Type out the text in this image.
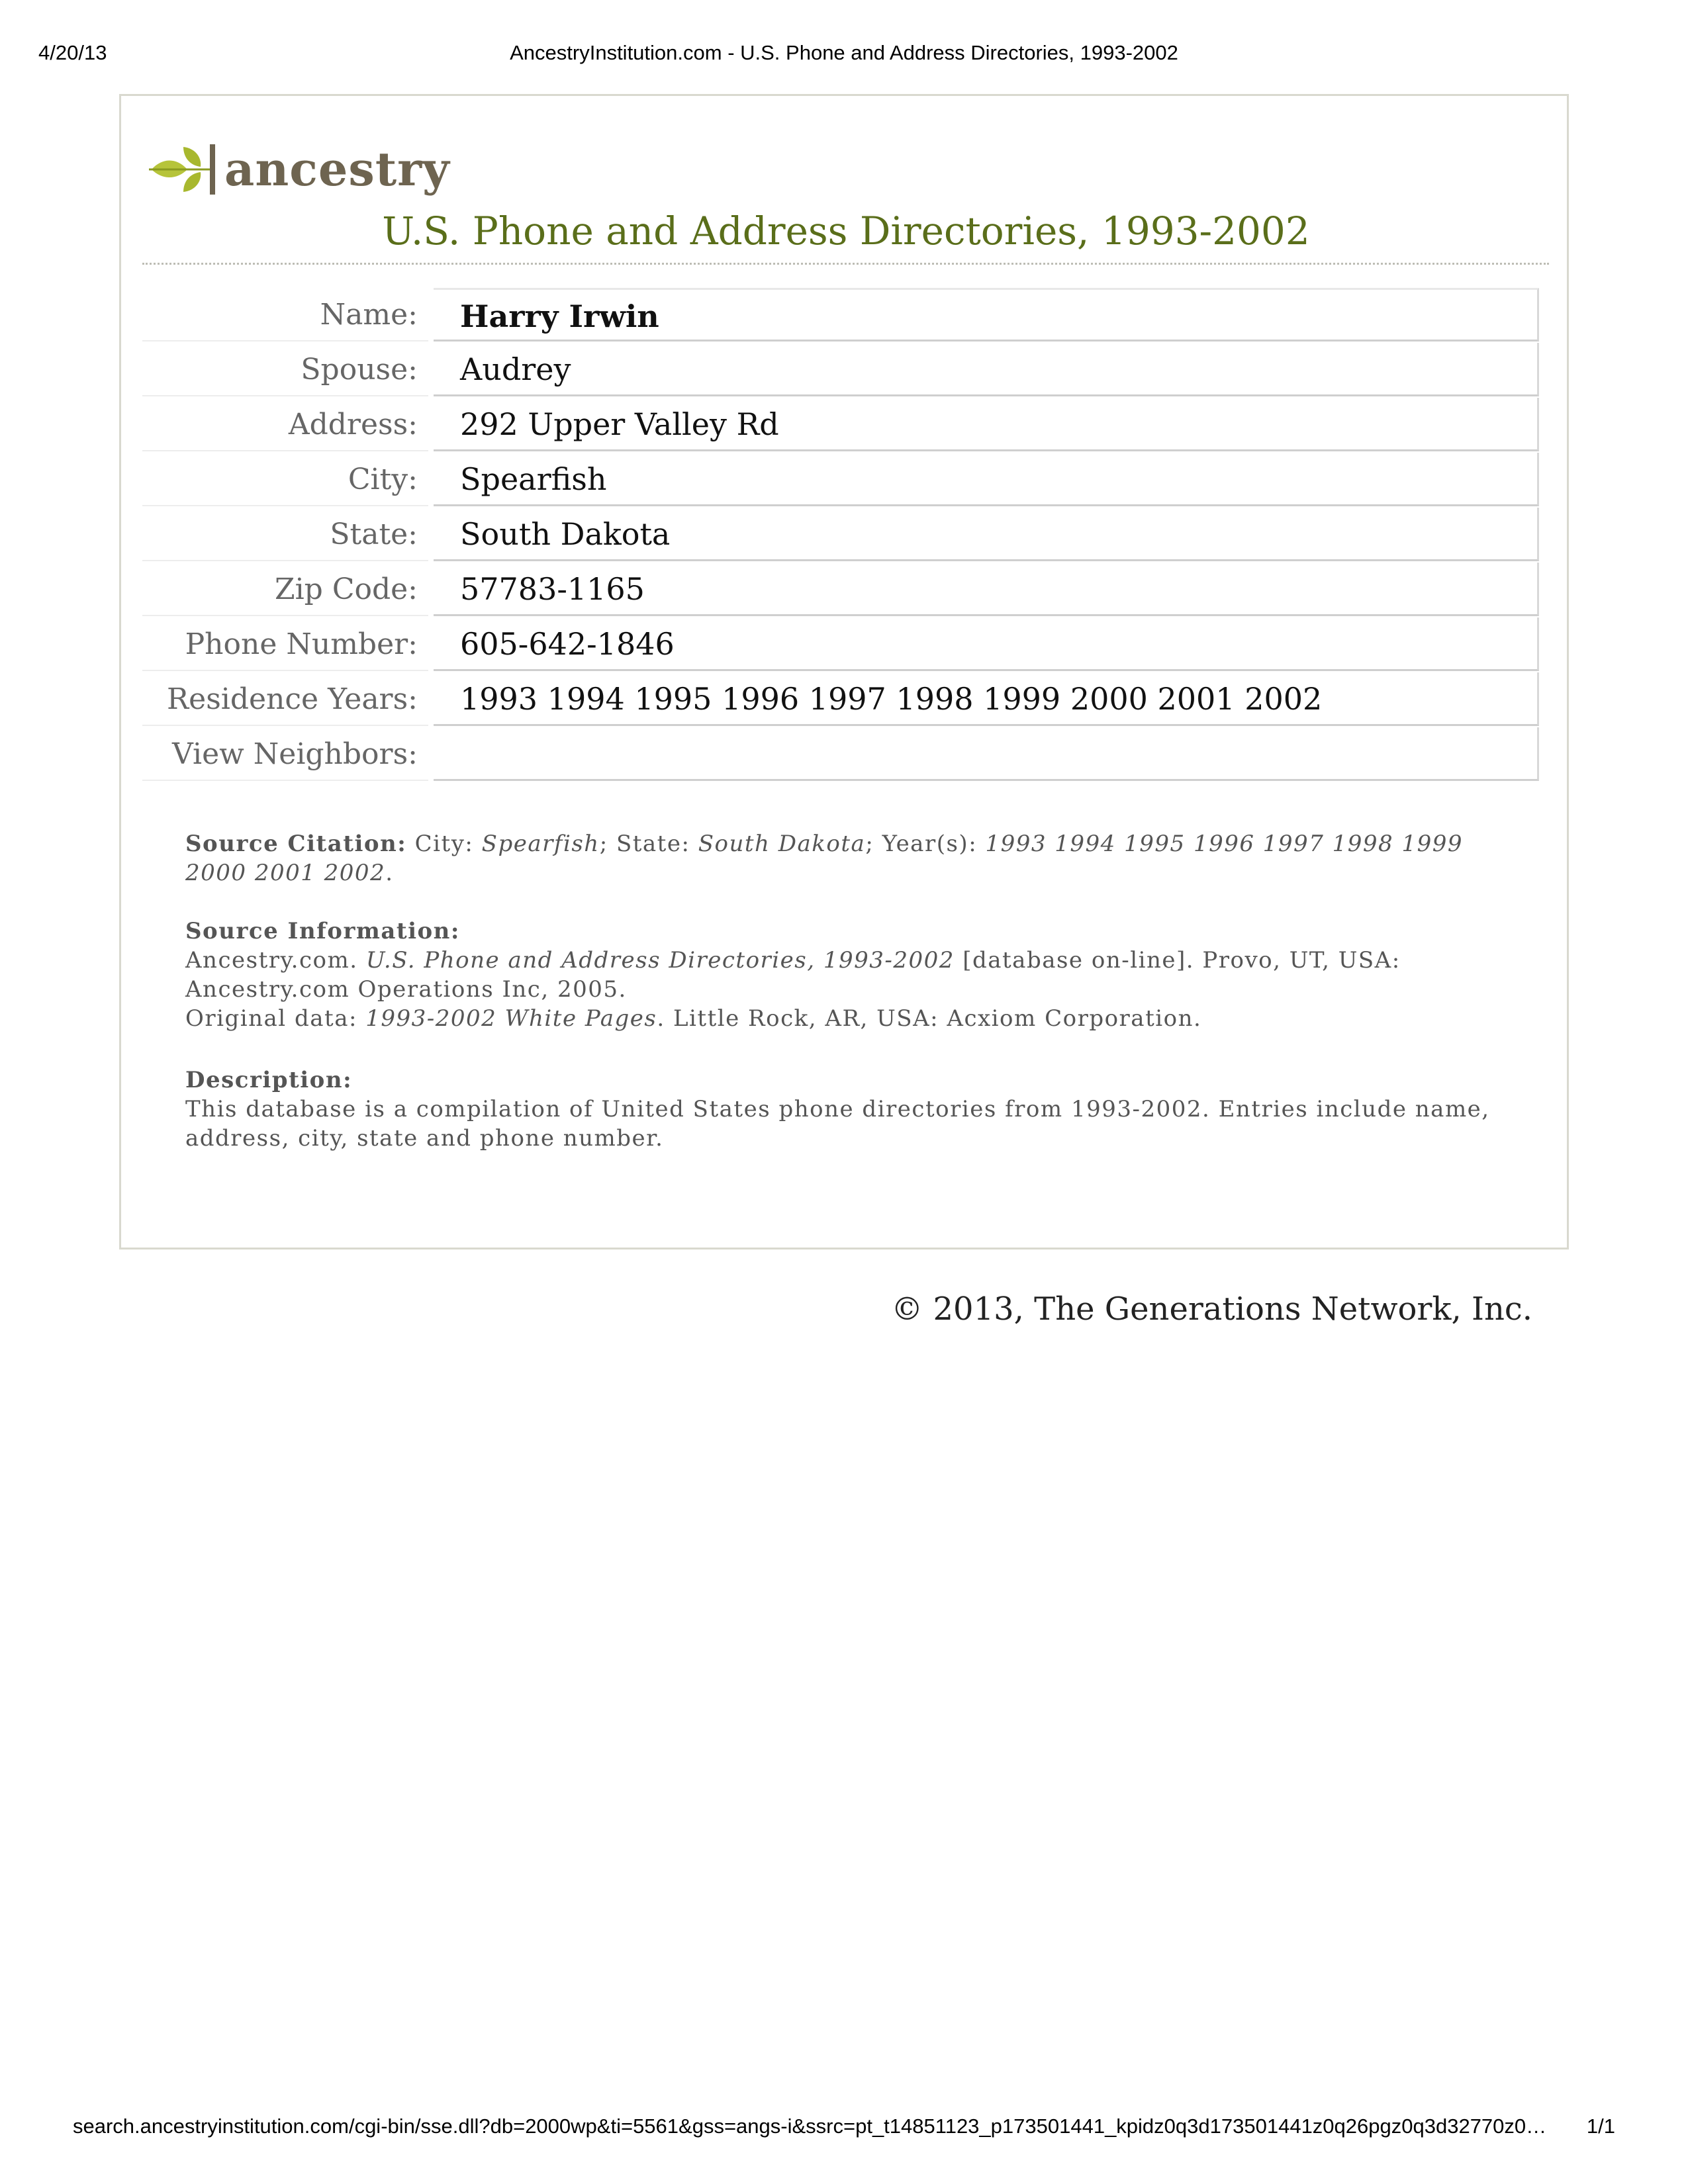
4/20/13	AncestryInstitution.com - U.S. Phone and Address Directories, 1993-2002
ancestry
U.S. Phone and Address Directories, 1993-2002
Name:	Harry Irwin
Spouse:	Audrey
Address:	292 Upper Valley Rd
City:	Spearfish
State:	South Dakota
Zip Code:	57783-1165
Phone Number:	605-642-1846
Residence Years:	1993 1994 1995 1996 1997 1998 1999 2000 2001 2002
View Neighbors:
Source Citation: City: Spearfish; State: South Dakota; Year(s): 1993 1994 1995 1996 1997 1998 1999 2000 2001 2002.
Source Information:
Ancestry.com. U.S. Phone and Address Directories, 1993-2002 [database on-line]. Provo, UT, USA: Ancestry.com Operations Inc, 2005.
Original data: 1993-2002 White Pages. Little Rock, AR, USA: Acxiom Corporation.
Description:
This database is a compilation of United States phone directories from 1993-2002. Entries include name, address, city, state and phone number.
© 2013, The Generations Network, Inc.
search.ancestryinstitution.com/cgi-bin/sse.dll?db=2000wp&ti=5561&gss=angs-i&ssrc=pt_t14851123_p173501441_kpidz0q3d173501441z0q26pgz0q3d32770z0… 1/1
